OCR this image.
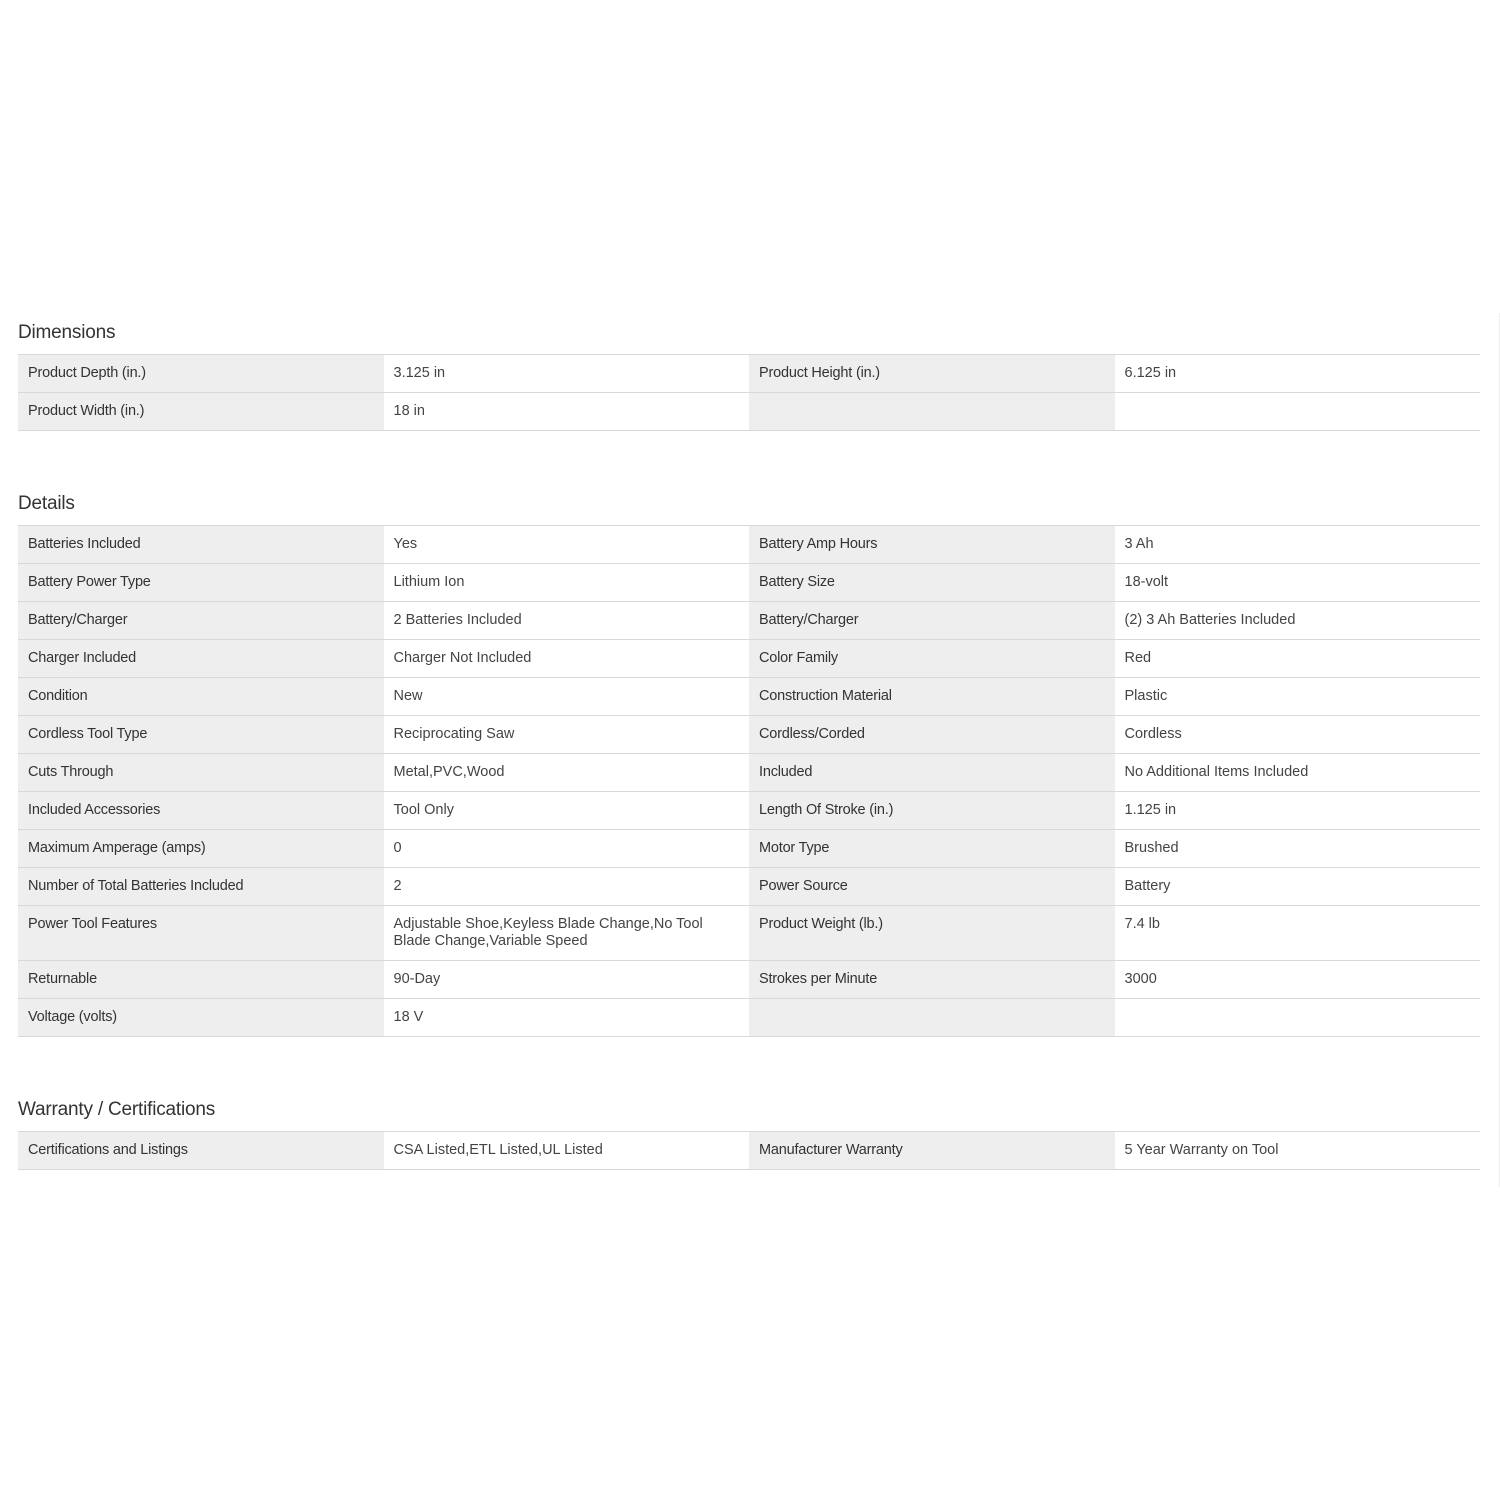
Dimensions
Product Depth (in.)	3.125 in	Product Height (in.)	6.125 in
Product Width (in.)	18 in		
Details
Batteries Included	Yes	Battery Amp Hours	3 Ah
Battery Power Type	Lithium Ion	Battery Size	18-volt
Battery/Charger	2 Batteries Included	Battery/Charger	(2) 3 Ah Batteries Included
Charger Included	Charger Not Included	Color Family	Red
Condition	New	Construction Material	Plastic
Cordless Tool Type	Reciprocating Saw	Cordless/Corded	Cordless
Cuts Through	Metal,PVC,Wood	Included	No Additional Items Included
Included Accessories	Tool Only	Length Of Stroke (in.)	1.125 in
Maximum Amperage (amps)	0	Motor Type	Brushed
Number of Total Batteries Included	2	Power Source	Battery
Power Tool Features	Adjustable Shoe,Keyless Blade Change,No Tool Blade Change,Variable Speed	Product Weight (lb.)	7.4 lb
Returnable	90-Day	Strokes per Minute	3000
Voltage (volts)	18 V		
Warranty / Certifications
Certifications and Listings	CSA Listed,ETL Listed,UL Listed	Manufacturer Warranty	5 Year Warranty on Tool
